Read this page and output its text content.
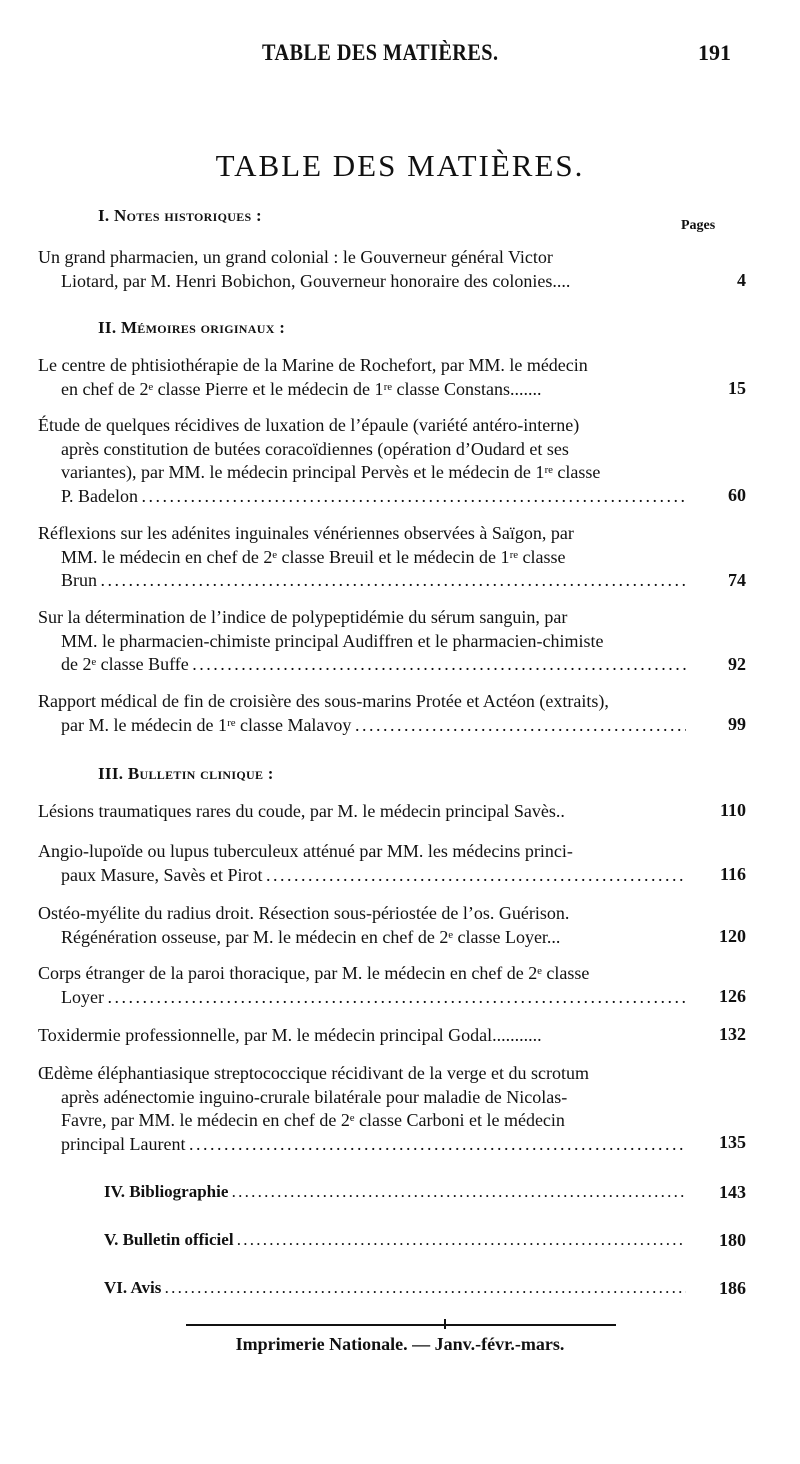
TABLE DES MATIÈRES.	191
TABLE DES MATIÈRES.
Pages
I. Notes historiques :
Un grand pharmacien, un grand colonial : le Gouverneur général Victor
Liotard, par M. Henri Bobichon, Gouverneur honoraire des colonies....	4
II. Mémoires originaux :
Le centre de phtisiothérapie de la Marine de Rochefort, par MM. le médecin
en chef de 2ᵉ classe Pierre et le médecin de 1ʳᵉ classe Constans.......	15
Étude de quelques récidives de luxation de l’épaule (variété antéro-interne)
après constitution de butées coracoïdiennes (opération d’Oudard et ses
variantes), par MM. le médecin principal Pervès et le médecin de 1ʳᵉ classe
P. Badelon . . .	60
Réflexions sur les adénites inguinales vénériennes observées à Saïgon, par
MM. le médecin en chef de 2ᵉ classe Breuil et le médecin de 1ʳᵉ classe
Brun . . .	74
Sur la détermination de l’indice de polypeptidémie du sérum sanguin, par
MM. le pharmacien-chimiste principal Audiffren et le pharmacien-chimiste
de 2ᵉ classe Buffe . . .	92
Rapport médical de fin de croisière des sous-marins Protée et Actéon (extraits),
par M. le médecin de 1ʳᵉ classe Malavoy . . .	99
III. Bulletin clinique :
Lésions traumatiques rares du coude, par M. le médecin principal Savès..	110
Angio-lupoïde ou lupus tuberculeux atténué par MM. les médecins princi-
paux Masure, Savès et Pirot . . .	116
Ostéo-myélite du radius droit. Résection sous-périostée de l’os. Guérison.
Régénération osseuse, par M. le médecin en chef de 2ᵉ classe Loyer...	120
Corps étranger de la paroi thoracique, par M. le médecin en chef de 2ᵉ classe
Loyer . . .	126
Toxidermie professionnelle, par M. le médecin principal Godal...........	132
Œdème éléphantiasique streptococcique récidivant de la verge et du scrotum
après adénectomie inguino-crurale bilatérale pour maladie de Nicolas-
Favre, par MM. le médecin en chef de 2ᵉ classe Carboni et le médecin
principal Laurent . . .	135
IV. Bibliographie . . .	143
V. Bulletin officiel . . .	180
VI. Avis . . .	186
Imprimerie Nationale. — Janv.-févr.-mars.
